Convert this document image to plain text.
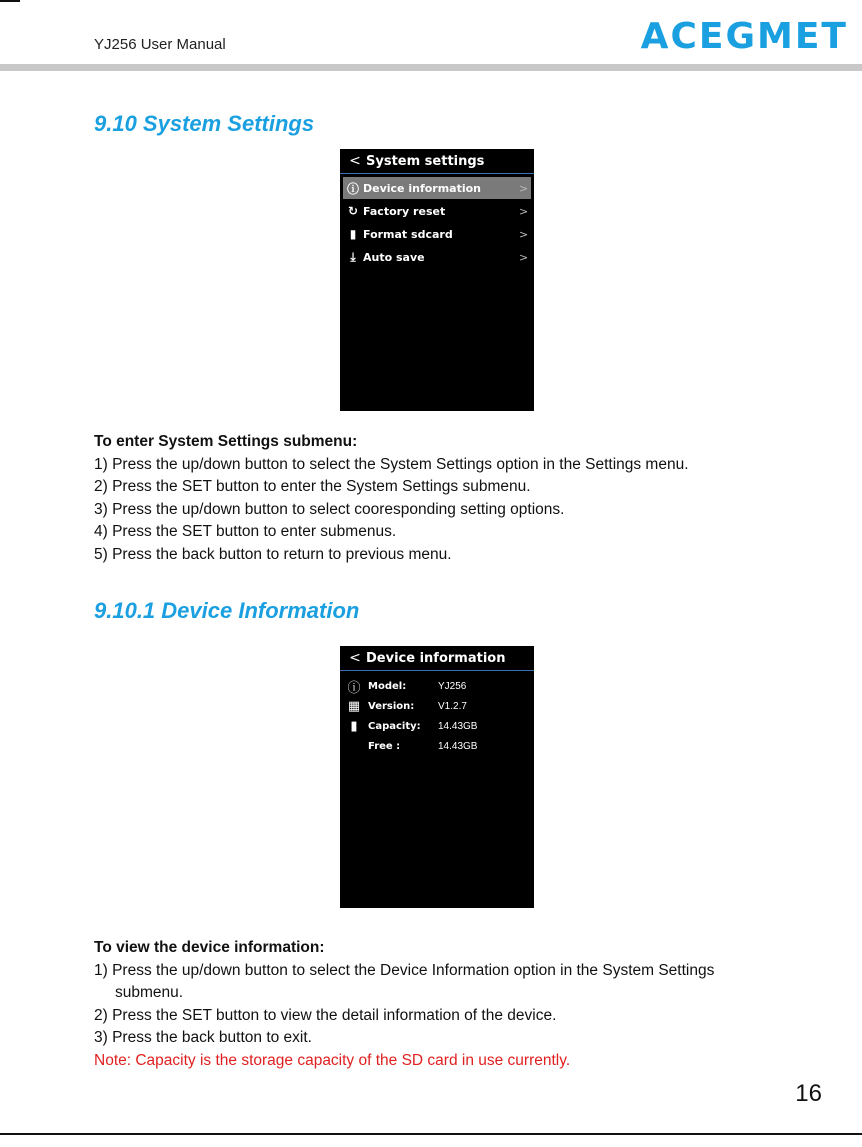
YJ256 User Manual	ACEGMET
9.10 System Settings
< System settings
ⓘ Device information	>
↻ Factory reset	>
▮ Format sdcard	>
⤓ Auto save	>
To enter System Settings submenu:
1) Press the up/down button to select the System Settings option in the Settings menu.
2) Press the SET button to enter the System Settings submenu.
3) Press the up/down button to select cooresponding setting options.
4) Press the SET button to enter submenus.
5) Press the back button to return to previous menu.
9.10.1 Device Information
< Device information
ⓘ Model:	YJ256
▦ Version:	V1.2.7
▮	Capacity:	14.43GB
Free :	14.43GB
To view the device information:
1) Press the up/down button to select the Device Information option in the System Settings
submenu.
2) Press the SET button to view the detail information of the device.
3) Press the back button to exit.
Note: Capacity is the storage capacity of the SD card in use currently.
16
